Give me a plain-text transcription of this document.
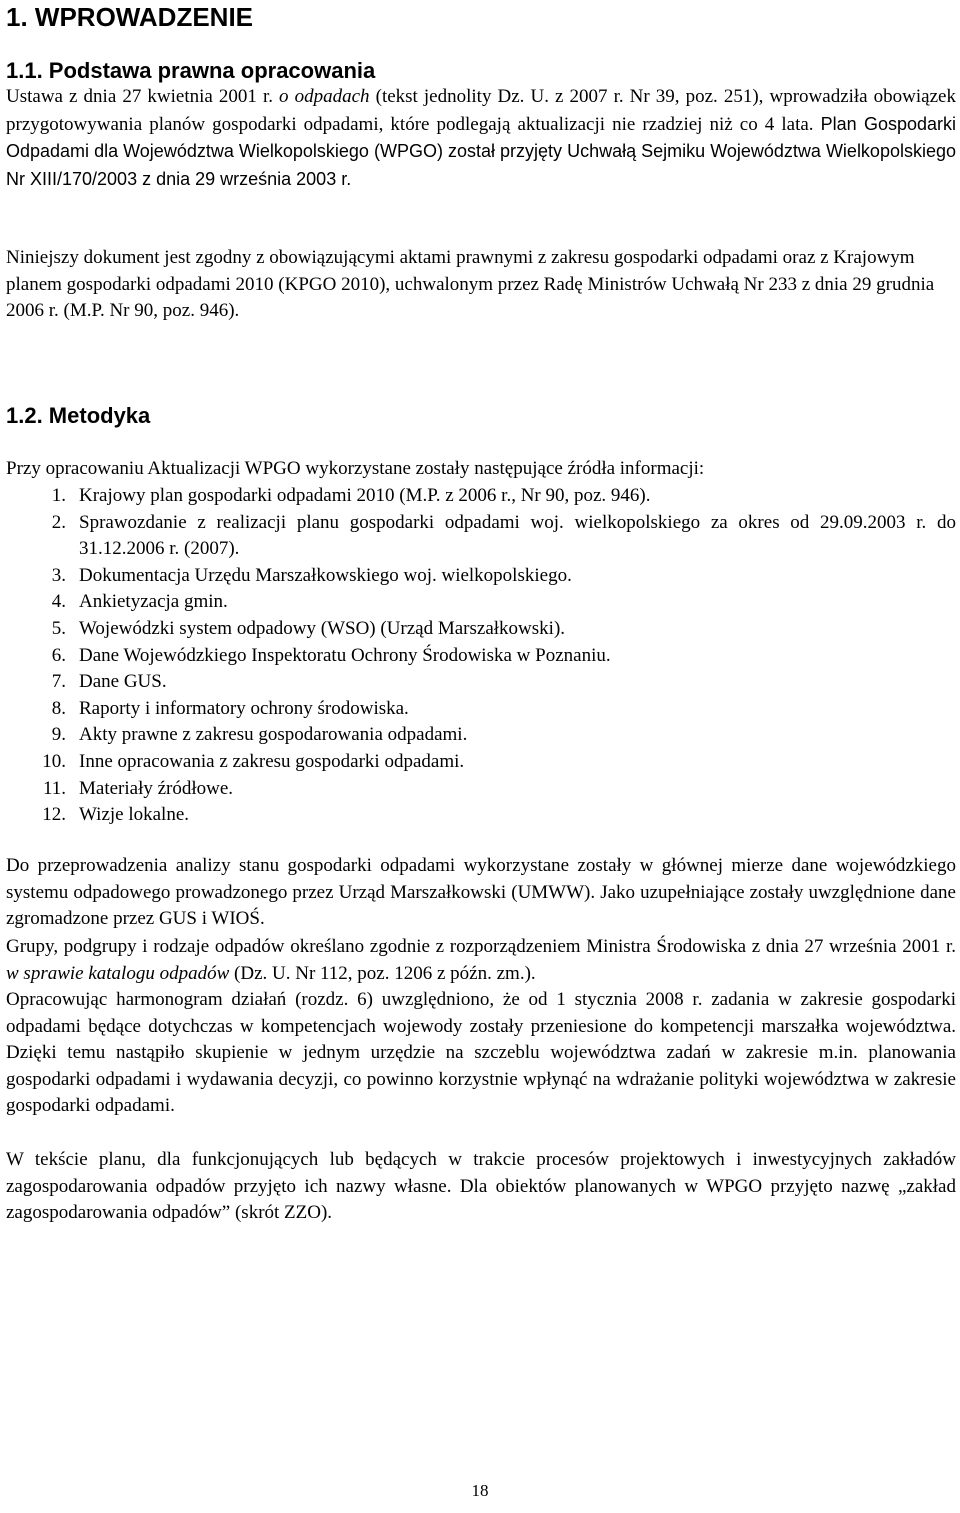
1. WPROWADZENIE
1.1. Podstawa prawna opracowania

Ustawa z dnia 27 kwietnia 2001 r. o odpadach (tekst jednolity Dz. U. z 2007 r. Nr 39, poz. 251), wprowadziła obowiązek przygotowywania planów gospodarki odpadami, które podlegają aktualizacji nie rzadziej niż co 4 lata. Plan Gospodarki Odpadami dla Województwa Wielkopolskiego (WPGO) został przyjęty Uchwałą Sejmiku Województwa Wielkopolskiego Nr XIII/170/2003 z dnia 29 września 2003 r.

Niniejszy dokument jest zgodny z obowiązującymi aktami prawnymi z zakresu gospodarki odpadami oraz z Krajowym planem gospodarki odpadami 2010 (KPGO 2010), uchwalonym przez Radę Ministrów Uchwałą Nr 233 z dnia 29 grudnia 2006 r. (M.P. Nr 90, poz. 946).

1.2. Metodyka

Przy opracowaniu Aktualizacji WPGO wykorzystane zostały następujące źródła informacji:

1. Krajowy plan gospodarki odpadami 2010 (M.P. z 2006 r., Nr 90, poz. 946).
2. Sprawozdanie z realizacji planu gospodarki odpadami woj. wielkopolskiego za okres od 29.09.2003 r. do 31.12.2006 r. (2007).
3. Dokumentacja Urzędu Marszałkowskiego woj. wielkopolskiego.
4. Ankietyzacja gmin.
5. Wojewódzki system odpadowy (WSO) (Urząd Marszałkowski).
6. Dane Wojewódzkiego Inspektoratu Ochrony Środowiska w Poznaniu.
7. Dane GUS.
8. Raporty i informatory ochrony środowiska.
9. Akty prawne z zakresu gospodarowania odpadami.
10. Inne opracowania z zakresu gospodarki odpadami.
11. Materiały źródłowe.
12. Wizje lokalne.

Do przeprowadzenia analizy stanu gospodarki odpadami wykorzystane zostały w głównej mierze dane wojewódzkiego systemu odpadowego prowadzonego przez Urząd Marszałkowski (UMWW). Jako uzupełniające zostały uwzględnione dane zgromadzone przez GUS i WIOŚ.

Grupy, podgrupy i rodzaje odpadów określano zgodnie z rozporządzeniem Ministra Środowiska z dnia 27 września 2001 r. w sprawie katalogu odpadów (Dz. U. Nr 112, poz. 1206 z późn. zm.).

Opracowując harmonogram działań (rozdz. 6) uwzględniono, że od 1 stycznia 2008 r. zadania w zakresie gospodarki odpadami będące dotychczas w kompetencjach wojewody zostały przeniesione do kompetencji marszałka województwa. Dzięki temu nastąpiło skupienie w jednym urzędzie na szczeblu województwa zadań w zakresie m.in. planowania gospodarki odpadami i wydawania decyzji, co powinno korzystnie wpłynąć na wdrażanie polityki województwa w zakresie gospodarki odpadami.

W tekście planu, dla funkcjonujących lub będących w trakcie procesów projektowych i inwestycyjnych zakładów zagospodarowania odpadów przyjęto ich nazwy własne. Dla obiektów planowanych w WPGO przyjęto nazwę „zakład zagospodarowania odpadów” (skrót ZZO).

18
